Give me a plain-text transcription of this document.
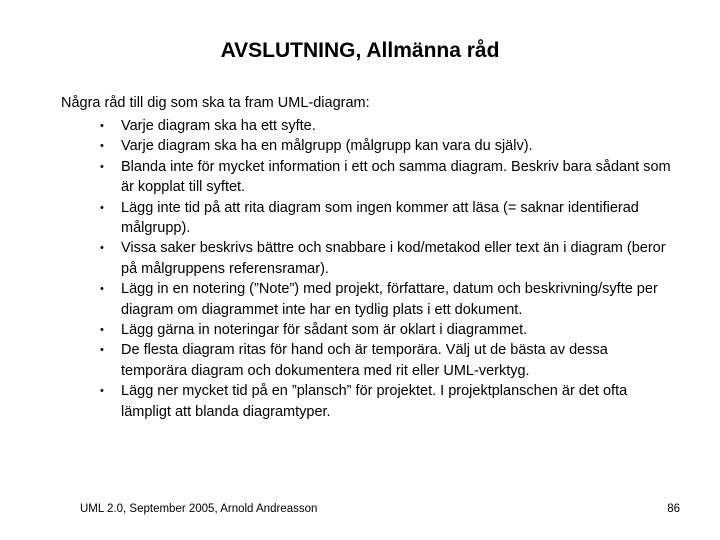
AVSLUTNING, Allmänna råd
Några råd till dig som ska ta fram UML-diagram:
• Varje diagram ska ha ett syfte.
• Varje diagram ska ha en målgrupp (målgrupp kan vara du själv).
• Blanda inte för mycket information i ett och samma diagram. Beskriv bara sådant som är kopplat till syftet.
• Lägg inte tid på att rita diagram som ingen kommer att läsa (= saknar identifierad målgrupp).
• Vissa saker beskrivs bättre och snabbare i kod/metakod eller text än i diagram (beror på målgruppens referensramar).
• Lägg in en notering (”Note”) med projekt, författare, datum och beskrivning/syfte per diagram om diagrammet inte har en tydlig plats i ett dokument.
• Lägg gärna in noteringar för sådant som är oklart i diagrammet.
• De flesta diagram ritas för hand och är temporära. Välj ut de bästa av dessa temporära diagram och dokumentera med rit eller UML-verktyg.
• Lägg ner mycket tid på en ”plansch” för projektet. I projektplanschen är det ofta lämpligt att blanda diagramtyper.
UML 2.0, September 2005, Arnold Andreasson	86
